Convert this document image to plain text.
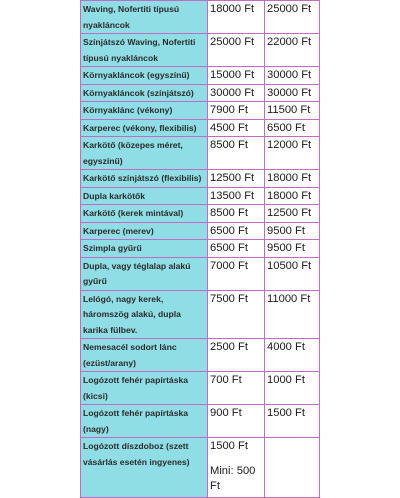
Waving, Nofertiti típusú nyakláncok	18000 Ft	25000 Ft
Színjátszó Waving, Nofertiti típusú nyakláncok	25000 Ft	22000 Ft
Környakláncok (egyszínű)	15000 Ft	30000 Ft
Környakláncok (színjátszó)	30000 Ft	30000 Ft
Környaklánc (vékony)	7900 Ft	11500 Ft
Karperec (vékony, flexibilis)	4500 Ft	6500 Ft
Karkötő (közepes méret, egyszínű)	8500 Ft	12000 Ft
Karkötő színjátszó (flexibilis)	12500 Ft	18000 Ft
Dupla karkötők	13500 Ft	18000 Ft
Karkötő (kerek mintával)	8500 Ft	12500 Ft
Karperec (merev)	6500 Ft	9500 Ft
Szimpla gyűrű	6500 Ft	9500 Ft
Dupla, vagy téglalap alakú gyűrű	7000 Ft	10500 Ft
Lelógó, nagy kerek, háromszög alakú, dupla karika fülbev.	7500 Ft	11000 Ft
Nemesacél sodort lánc (ezüst/arany)	2500 Ft	4000 Ft
Logózott fehér papírtáska (kicsi)	700 Ft	1000 Ft
Logózott fehér papírtáska (nagy)	900 Ft	1500 Ft
Logózott díszdoboz (szett vásárlás esetén ingyenes)	1500 Ft
Mini: 500 Ft	
